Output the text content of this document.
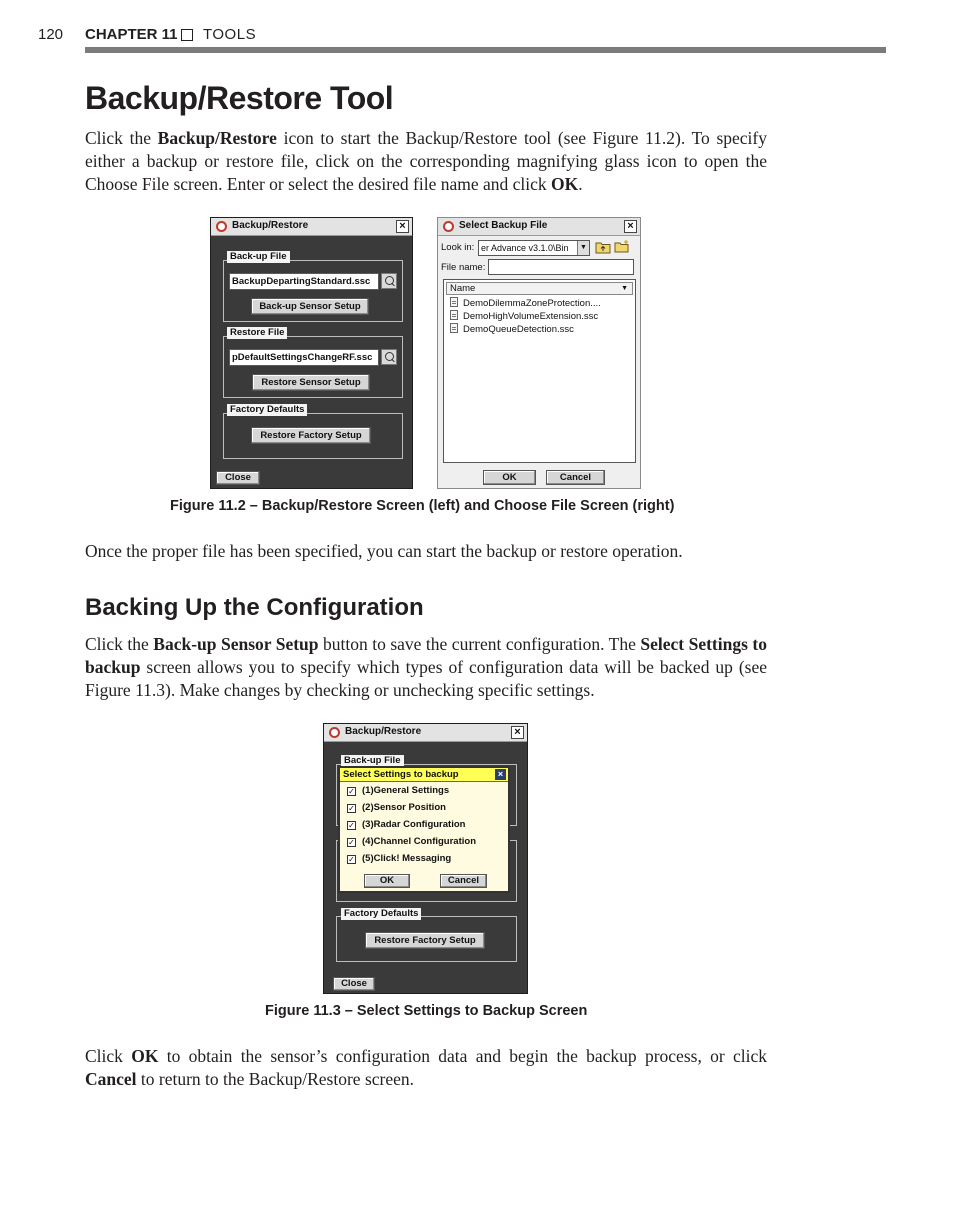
120 CHAPTER 11 TOOLS
Backup/Restore Tool

Click the Backup/Restore icon to start the Backup/Restore tool (see Figure 11.2). To specify either a backup or restore file, click on the corresponding magnifying glass icon to open the Choose File screen. Enter or select the desired file name and click OK.

Backup/Restore	×
Back-up File
BackupDepartingStandard.ssc
Back-up Sensor Setup
Restore File
pDefaultSettingsChangeRF.ssc
Restore Sensor Setup
Factory Defaults
Restore Factory Setup
Close
Select Backup File	×
Look in: er Advance v3.1.0\Bin	▼
File name:
Name	▼
DemoDilemmaZoneProtection....
DemoHighVolumeExtension.ssc
DemoQueueDetection.ssc
OK	Cancel
Figure 11.2 – Backup/Restore Screen (left) and Choose File Screen (right)

Once the proper file has been specified, you can start the backup or restore operation.

Backing Up the Configuration

Click the Back-up Sensor Setup button to save the current configuration. The Select Settings to backup screen allows you to specify which types of configuration data will be backed up (see Figure 11.3). Make changes by checking or unchecking specific settings.

Backup/Restore	×
Back-up File
Select Settings to backup	×
✓ (1)General Settings
✓ (2)Sensor Position
✓ (3)Radar Configuration
✓ (4)Channel Configuration
✓ (5)Click! Messaging
OK	Cancel
Factory Defaults
Restore Factory Setup
Close
Figure 11.3 – Select Settings to Backup Screen

Click OK to obtain the sensor’s configuration data and begin the backup process, or click Cancel to return to the Backup/Restore screen.
